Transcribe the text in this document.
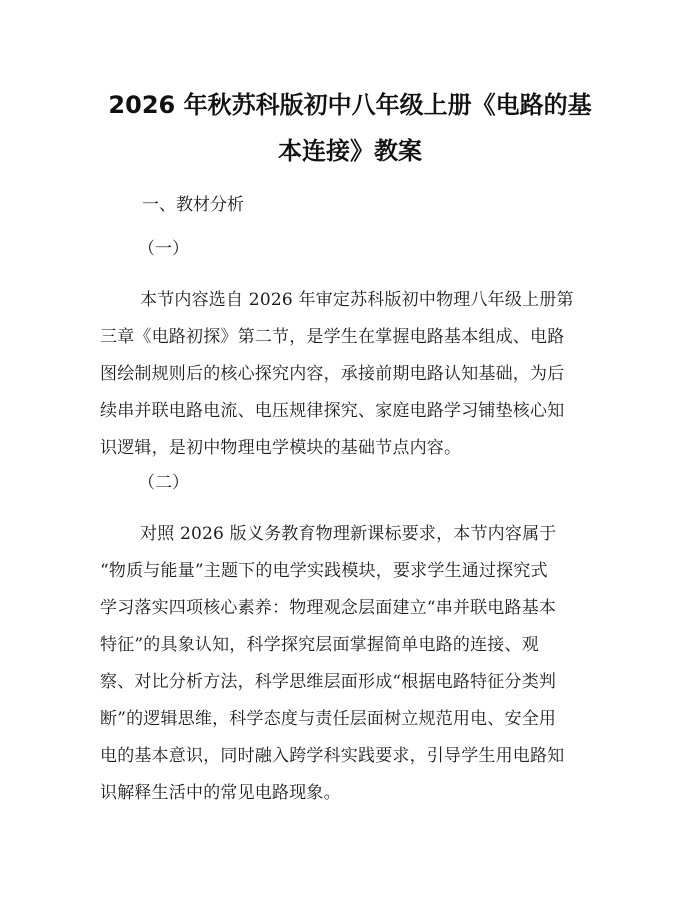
2026 年秋苏科版初中八年级上册《电路的基
本连接》教案
一、教材分析
（一）
本节内容选自 2026 年审定苏科版初中物理八年级上册第
三章《电路初探》第二节，是学生在掌握电路基本组成、电路
图绘制规则后的核心探究内容，承接前期电路认知基础，为后
续串并联电路电流、电压规律探究、家庭电路学习铺垫核心知
识逻辑，是初中物理电学模块的基础节点内容。
（二）
对照 2026 版义务教育物理新课标要求，本节内容属于
“物质与能量”主题下的电学实践模块，要求学生通过探究式
学习落实四项核心素养：物理观念层面建立“串并联电路基本
特征”的具象认知，科学探究层面掌握简单电路的连接、观
察、对比分析方法，科学思维层面形成“根据电路特征分类判
断”的逻辑思维，科学态度与责任层面树立规范用电、安全用
电的基本意识，同时融入跨学科实践要求，引导学生用电路知
识解释生活中的常见电路现象。
